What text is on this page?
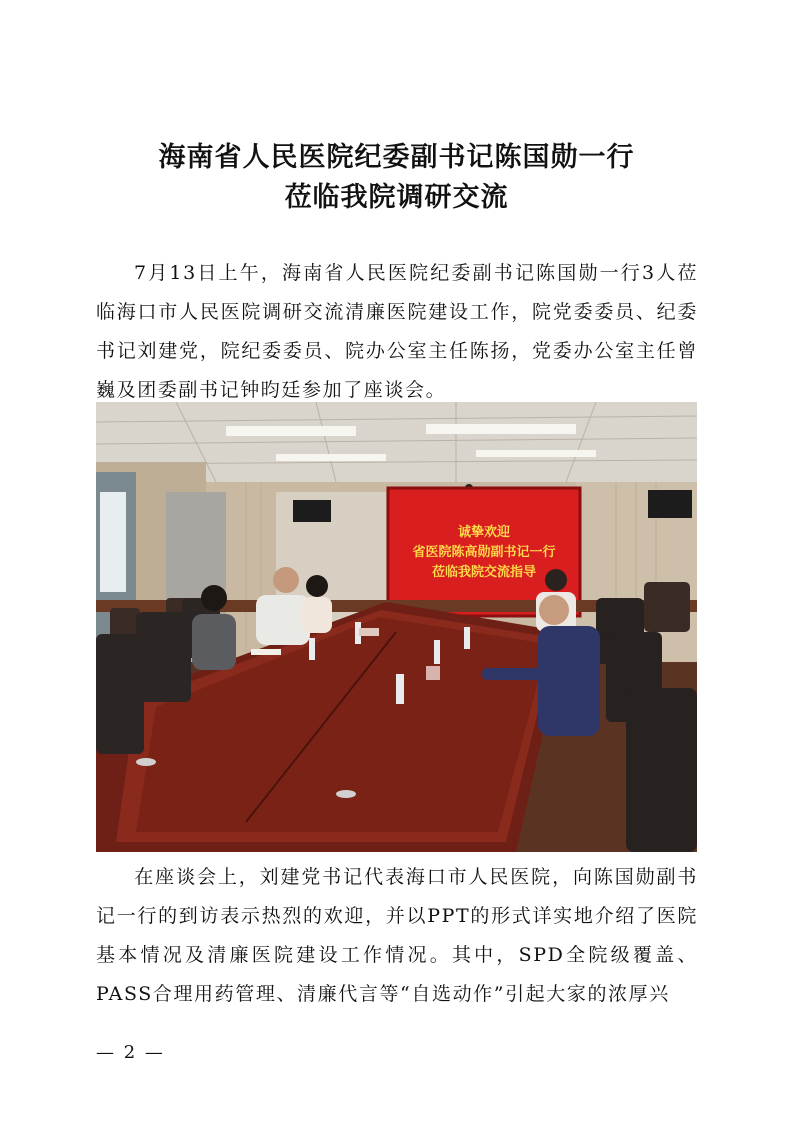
海南省人民医院纪委副书记陈国勋一行
莅临我院调研交流

7月13日上午，海南省人民医院纪委副书记陈国勋一行3人莅临海口市人民医院调研交流清廉医院建设工作，院党委委员、纪委书记刘建党，院纪委委员、院办公室主任陈扬，党委办公室主任曾巍及团委副书记钟昀廷参加了座谈会。

诚挚欢迎
省医院陈高勋副书记一行
莅临我院交流指导

在座谈会上，刘建党书记代表海口市人民医院，向陈国勋副书记一行的到访表示热烈的欢迎，并以PPT的形式详实地介绍了医院基本情况及清廉医院建设工作情况。其中，SPD全院级覆盖、PASS合理用药管理、清廉代言等“自选动作”引起大家的浓厚兴

— 2 —
